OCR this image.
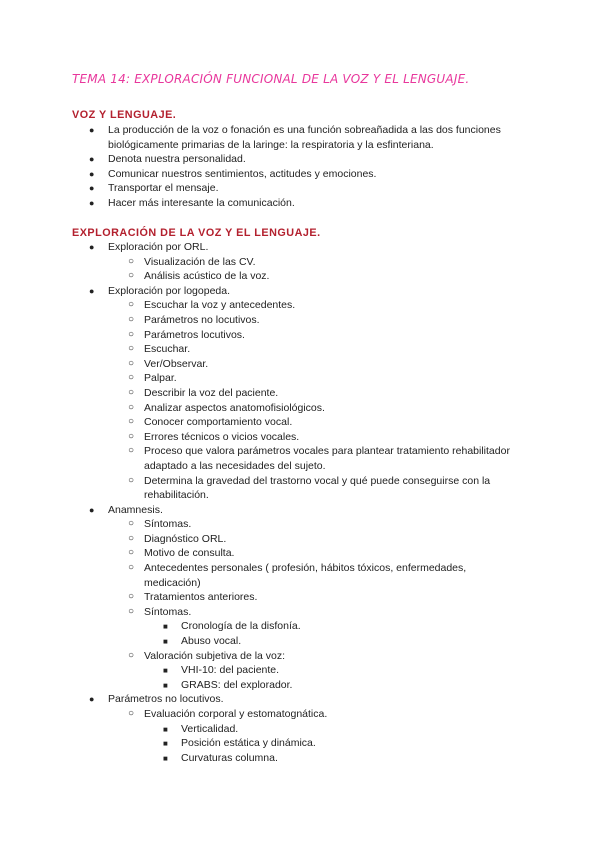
TEMA 14: EXPLORACIÓN FUNCIONAL DE LA VOZ Y EL LENGUAJE.
VOZ Y LENGUAJE.
● La producción de la voz o fonación es una función sobreañadida a las dos funciones biológicamente primarias de la laringe: la respiratoria y la esfinteriana.
● Denota nuestra personalidad.
● Comunicar nuestros sentimientos, actitudes y emociones.
● Transportar el mensaje.
● Hacer más interesante la comunicación.
EXPLORACIÓN DE LA VOZ Y EL LENGUAJE.
● Exploración por ORL.
○ Visualización de las CV.
○ Análisis acústico de la voz.
● Exploración por logopeda.
○ Escuchar la voz y antecedentes.
○ Parámetros no locutivos.
○ Parámetros locutivos.
○ Escuchar.
○ Ver/Observar.
○ Palpar.
○ Describir la voz del paciente.
○ Analizar aspectos anatomofisiológicos.
○ Conocer comportamiento vocal.
○ Errores técnicos o vicios vocales.
○ Proceso que valora parámetros vocales para plantear tratamiento rehabilitador adaptado a las necesidades del sujeto.
○ Determina la gravedad del trastorno vocal y qué puede conseguirse con la rehabilitación.
● Anamnesis.
○ Síntomas.
○ Diagnóstico ORL.
○ Motivo de consulta.
○ Antecedentes personales ( profesión, hábitos tóxicos, enfermedades, medicación)
○ Tratamientos anteriores.
○ Síntomas.
■ Cronología de la disfonía.
■ Abuso vocal.
○ Valoración subjetiva de la voz:
■ VHI-10: del paciente.
■ GRABS: del explorador.
● Parámetros no locutivos.
○ Evaluación corporal y estomatognática.
■ Verticalidad.
■ Posición estática y dinámica.
■ Curvaturas columna.
